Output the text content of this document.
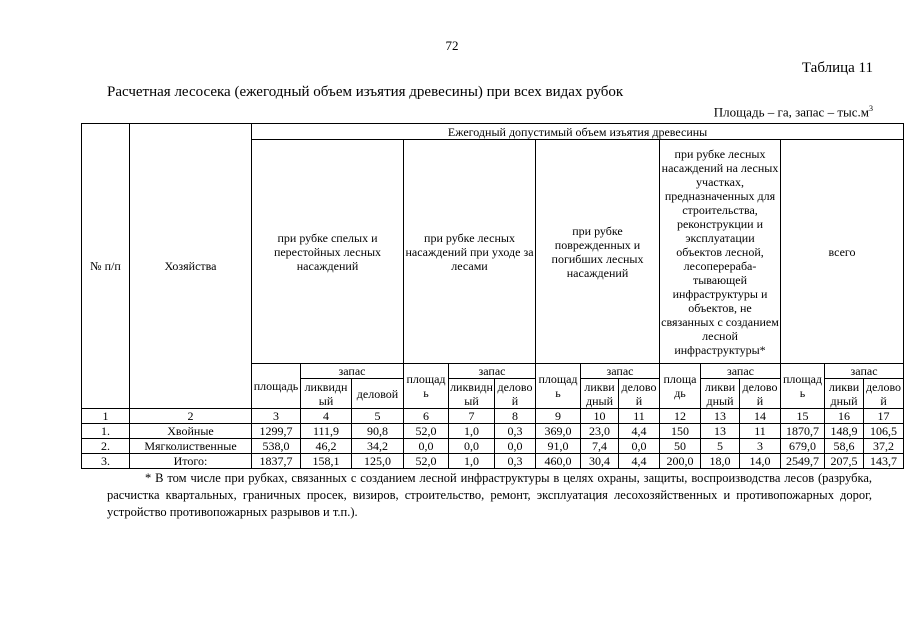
72
Таблица 11
Расчетная лесосека (ежегодный объем изъятия древесины) при всех видах рубок
Площадь – га, запас – $тыс.м^3$
№ п/п	Хозяйства	Ежегодный допустимый объем изъятия древесины														
		при рубке спелых и перестойных лесных насаждений			при рубке лесных насаждений при уходе за лесами			при рубке поврежденных и погибших лесных насаждений			при рубке лесных насаждений на лесных участках, предназначенных для строительства, реконструкции и эксплуатации объектов лесной, лесоперераба-тывающей инфраструктуры и объектов, не связанных с созданием лесной инфраструктуры*			всего		
		площадь	запас		площадь	запас		площадь	запас		площадь	запас		площадь	запас	
			ликвидный	деловой		ликвидный	деловой		ликвидный	деловой		ликвидный	деловой		ликвидный	деловой
1	2	3	4	5	6	7	8	9	10	11	12	13	14	15	16	17
1.	Хвойные	1299,7	111,9	90,8	52,0	1,0	0,3	369,0	23,0	4,4	150	13	11	1870,7	148,9	106,5
2.	Мягколиственные	538,0	46,2	34,2	0,0	0,0	0,0	91,0	7,4	0,0	50	5	3	679,0	58,6	37,2
3.	Итого:	1837,7	158,1	125,0	52,0	1,0	0,3	460,0	30,4	4,4	200,0	18,0	14,0	2549,7	207,5	143,7
* В том числе при рубках, связанных с созданием лесной инфраструктуры в целях охраны, защиты, воспроизводства лесов (разрубка, расчистка квартальных, граничных просек, визиров, строительство, ремонт, эксплуатация лесохозяйственных и противопожарных дорог, устройство противопожарных разрывов и т.п.).
